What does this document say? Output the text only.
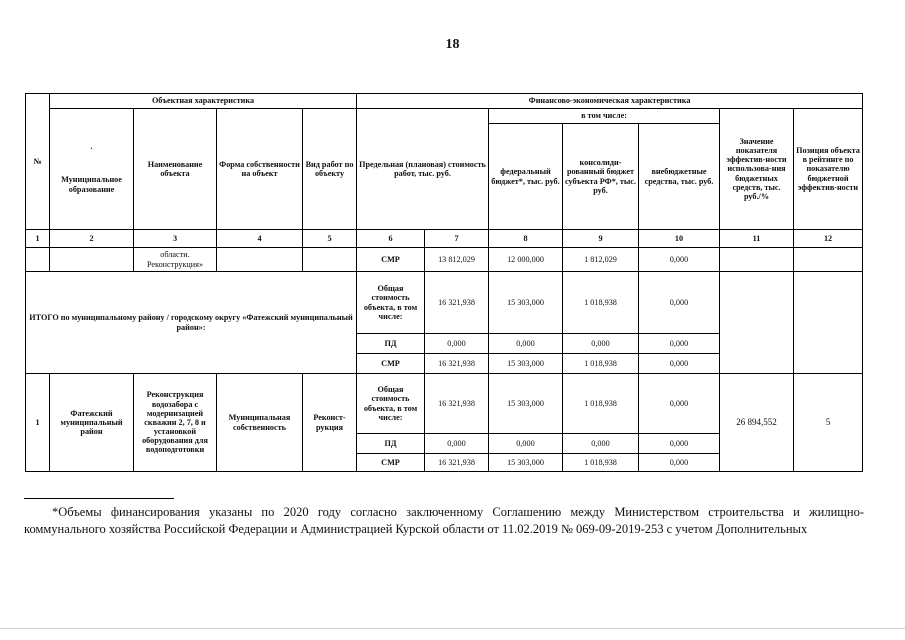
18
№	Объектная характеристика				Финансово-экономическая характеристика						

	·
Муниципальное образование	Наименование объекта	Форма собственности на объект	Вид работ по объекту	Предельная (плановая) стоимость работ, тыс. руб.		в том числе:			Значение показателя эффектив-ности использова-ния бюджетных средств, тыс. руб./%	Позиция объекта в рейтинге по показателю бюджетной эффектив-ности
							федеральный бюджет*, тыс. руб.	консолиди-рованный бюджет субъекта РФ*, тыс. руб.	внебюджетные средства, тыс. руб.		
1	2	3	4	5	6	7	8	9	10	11	12
		области. Реконструкция»			СМР	13 812,029	12 000,000	1 812,029	0,000		
ИТОГО по муниципальному району / городскому округу «Фатежский муниципальный район»:					Общая стоимость объекта, в том числе:	16 321,938	15 303,000	1 018,938	0,000		
					ПД	0,000	0,000	0,000	0,000		
					СМР	16 321,938	15 303,000	1 018,938	0,000		
1	Фатежский муниципальный район	Реконструкция водозабора с модернизацией скважин 2, 7, 8 и установкой оборудования для водоподготовки	Муниципальная собственность	Реконст-рукция	Общая стоимость объекта, в том числе:	16 321,938	15 303,000	1 018,938	0,000	26 894,552	5
					ПД	0,000	0,000	0,000	0,000		
					СМР	16 321,938	15 303,000	1 018,938	0,000		
*Объемы финансирования указаны по 2020 году согласно заключенному Соглашению между Министерством строительства и жилищно-коммунального хозяйства Российской Федерации и Администрацией Курской области от 11.02.2019 № 069-09-2019-253 с учетом Дополнительных
